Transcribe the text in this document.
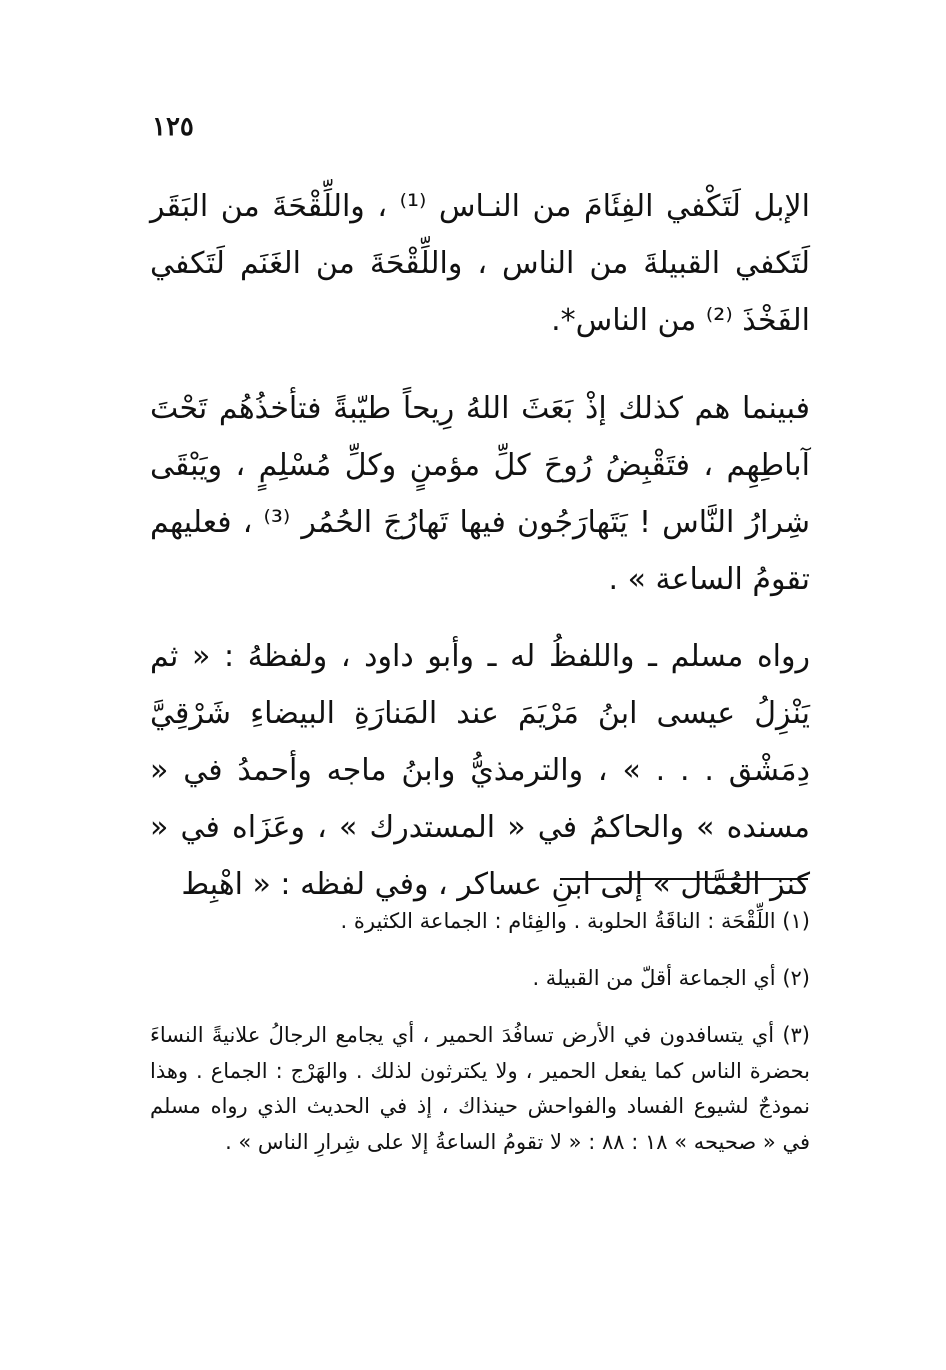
١٢٥
الإبل لَتَكْفي الفِئَامَ من النـاس ⁽¹⁾ ، واللِّقْحَةَ من البَقَر لَتَكفي القبيلةَ من الناس ، واللِّقْحَةَ من الغَنَم لَتَكفي الفَخْذَ ⁽²⁾ من الناس*.
فبينما هم كذلك إذْ بَعَثَ اللهُ رِيحاً طيّبةً فتأخذُهُم تَحْتَ آباطِهِم ، فتَقْبِضُ رُوحَ كلِّ مؤمنٍ وكلِّ مُسْلِمٍ ، ويَبْقَى شِرارُ النَّاس ! يَتَهارَجُون فيها تَهارُجَ الحُمُر ⁽³⁾ ، فعليهم تقومُ الساعة » .
رواه مسلم ـ واللفظُ له ـ وأبو داود ، ولفظهُ : « ثم يَنْزِلُ عيسى ابنُ مَرْيَمَ عند المَنارَةِ البيضاءِ شَرْقِيَّ دِمَشْق . . . » ، والترمذيُّ وابنُ ماجه وأحمدُ في « مسنده » والحاكمُ في « المستدرك » ، وعَزَاه في « كنز العُمَّال » إلى ابنِ عساكر ، وفي لفظه : « اهْبِط
(١) اللِّقْحَة : الناقَةُ الحلوبة . والفِئام : الجماعة الكثيرة .
(٢) أي الجماعة أقلّ من القبيلة .
(٣) أي يتسافدون في الأرض تسافُدَ الحمير ، أي يجامع الرجالُ علانيةً النساءَ بحضرة الناس كما يفعل الحمير ، ولا يكترثون لذلك . والهَرْج : الجماع . وهذا نموذجٌ لشيوع الفساد والفواحش حينذاك ، إذ في الحديث الذي رواه مسلم في « صحيحه » ١٨ : ٨٨ : « لا تقومُ الساعةُ إلا على شِرارِ الناس » .
